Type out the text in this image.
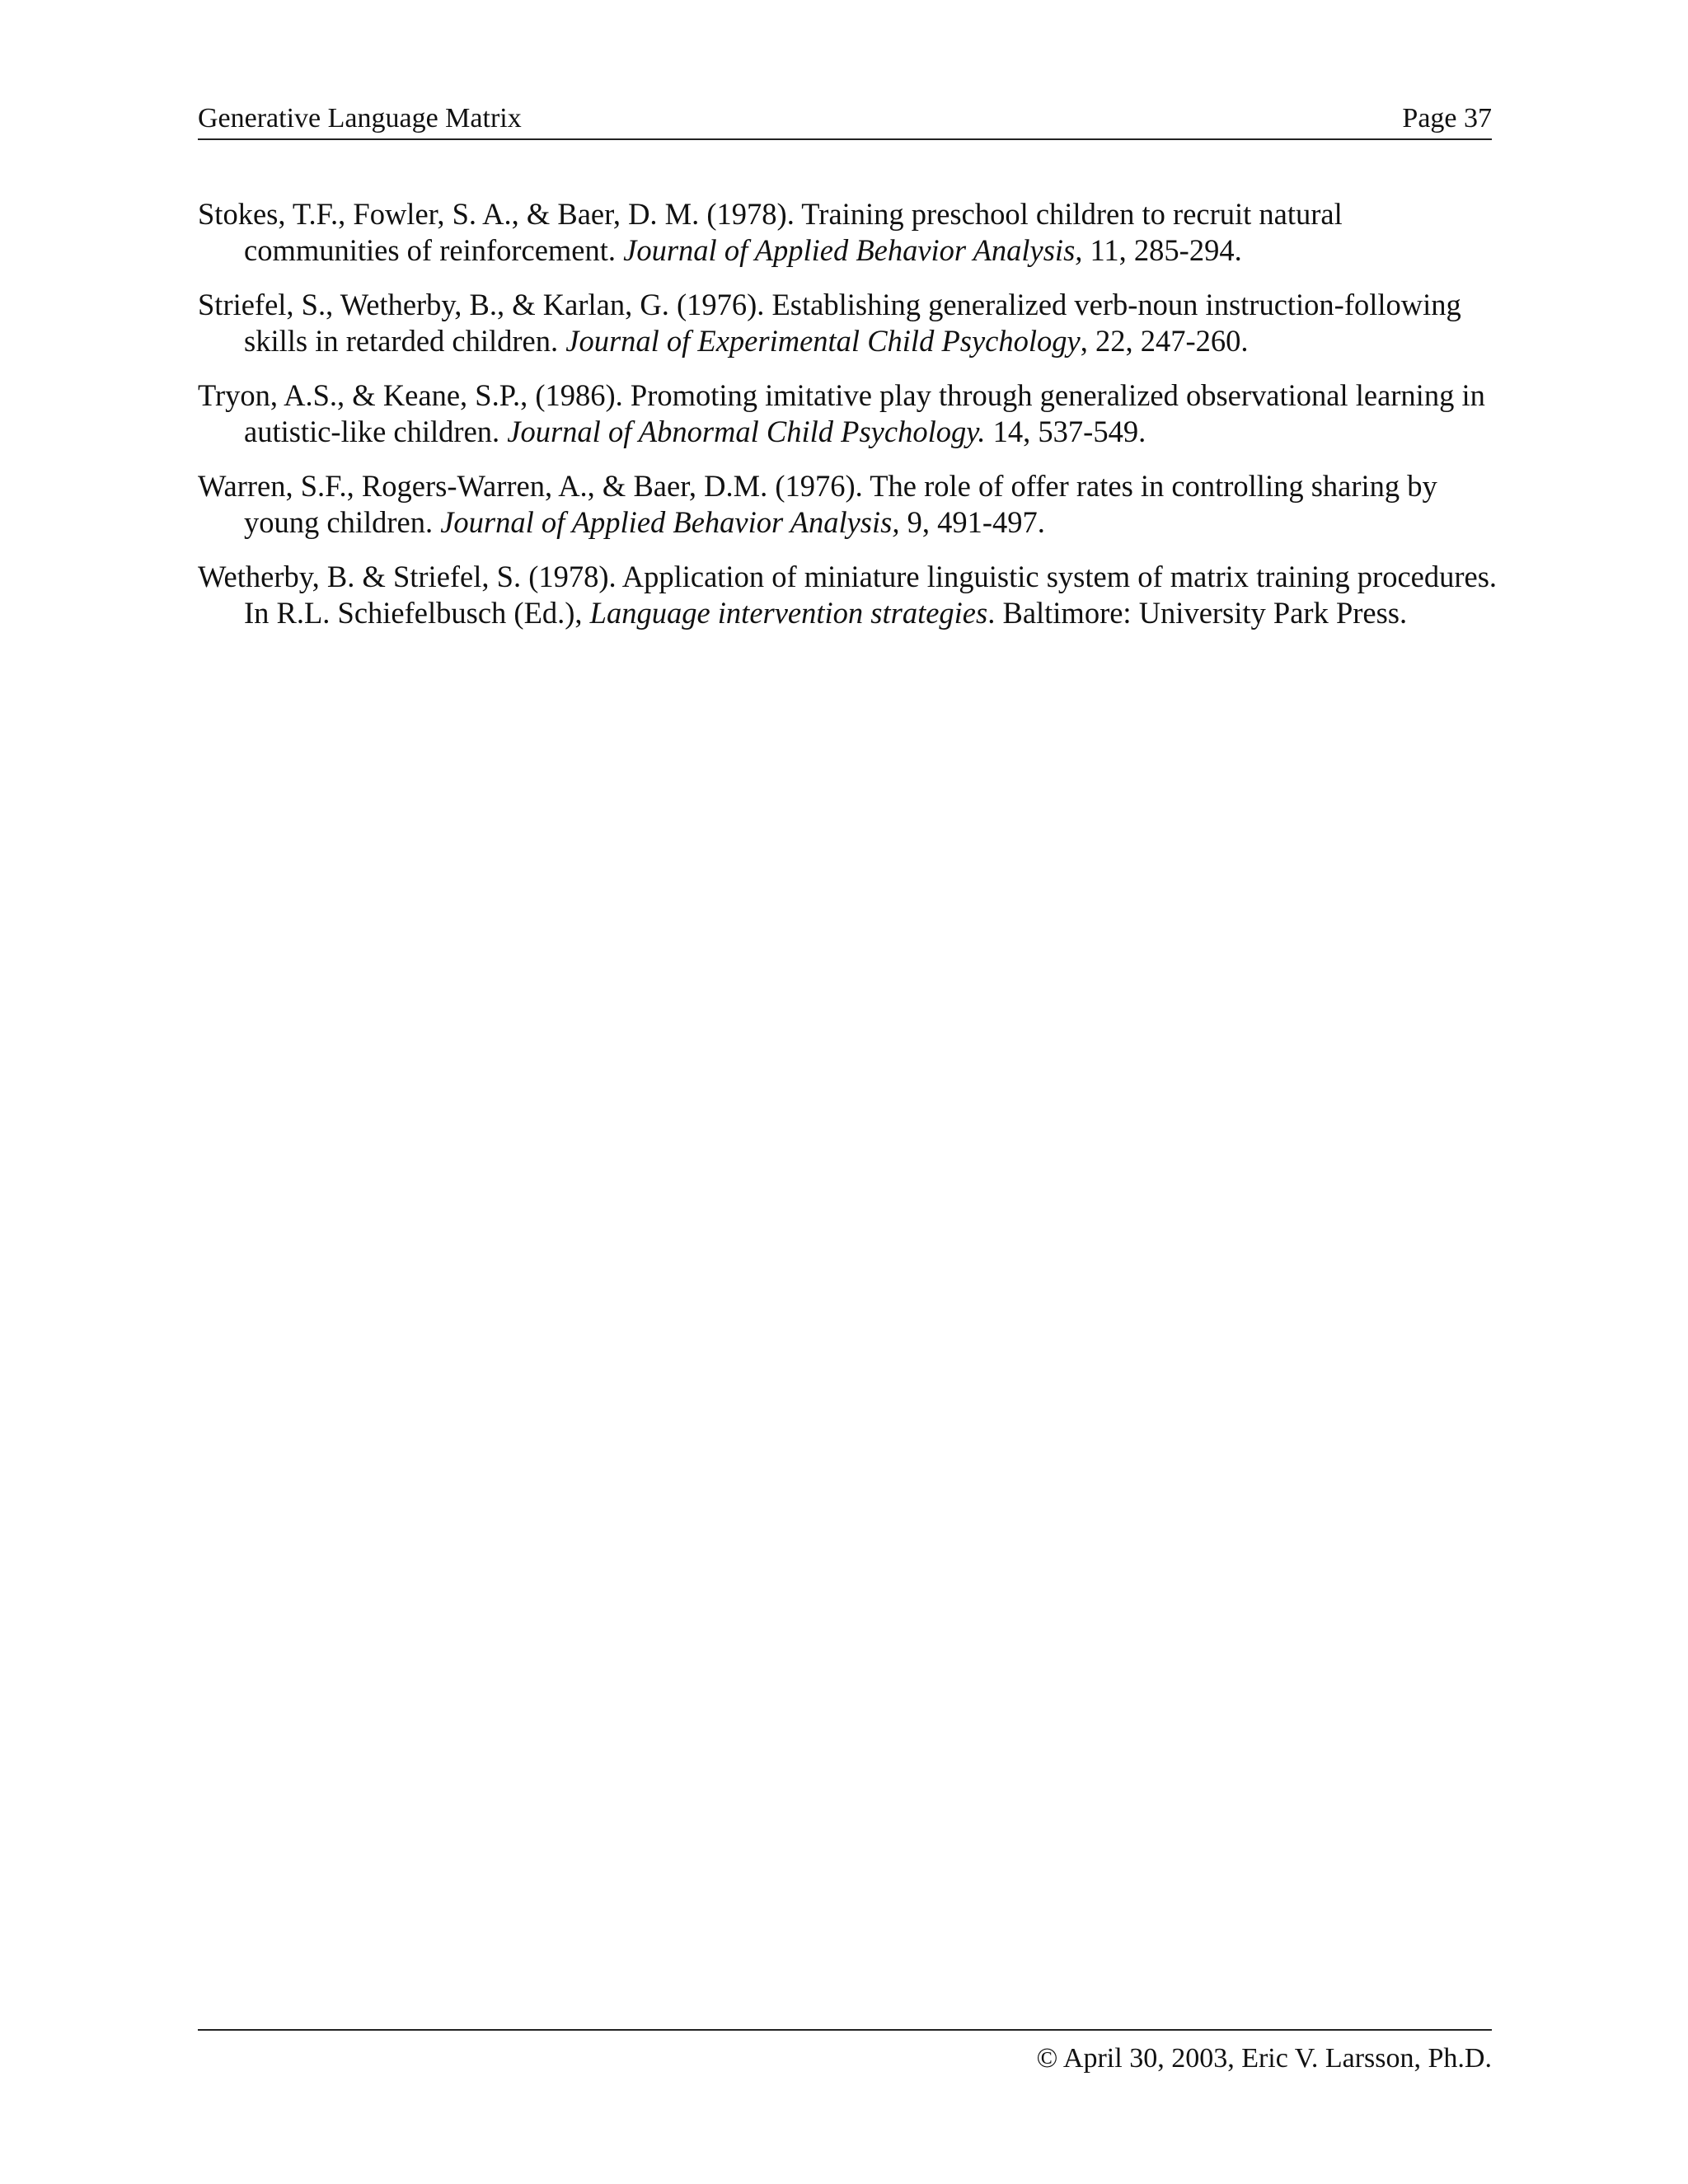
Generative Language Matrix	Page 37

Stokes, T.F., Fowler, S. A., & Baer, D. M. (1978). Training preschool children to recruit natural communities of reinforcement. Journal of Applied Behavior Analysis, 11, 285-294.

Striefel, S., Wetherby, B., & Karlan, G. (1976). Establishing generalized verb-noun instruction-following skills in retarded children. Journal of Experimental Child Psychology, 22, 247-260.

Tryon, A.S., & Keane, S.P., (1986). Promoting imitative play through generalized observational learning in autistic-like children. Journal of Abnormal Child Psychology. 14, 537-549.

Warren, S.F., Rogers-Warren, A., & Baer, D.M. (1976). The role of offer rates in controlling sharing by young children. Journal of Applied Behavior Analysis, 9, 491-497.

Wetherby, B. & Striefel, S. (1978). Application of miniature linguistic system of matrix training procedures. In R.L. Schiefelbusch (Ed.), Language intervention strategies. Baltimore: University Park Press.

© April 30, 2003, Eric V. Larsson, Ph.D.
